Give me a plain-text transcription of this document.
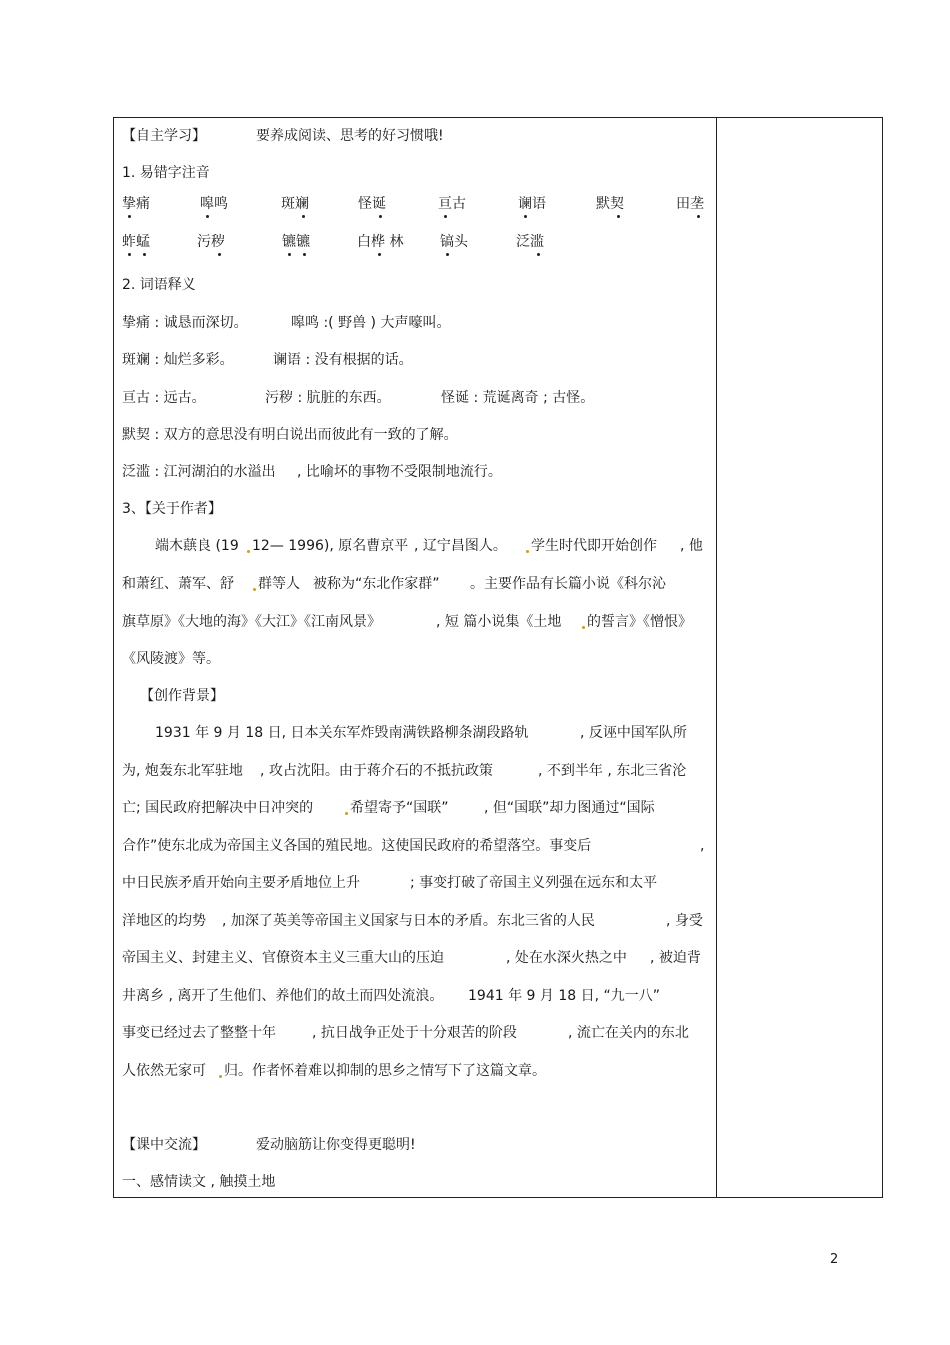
【自主学习】	要养成阅读、思考的好习惯哦!
1. 易错字注音
挚痛	嗥鸣	斑斓	怪诞	亘古	谰语	默契	田垄
蚱蜢	污秽	镳镳	白桦 林	镐头	泛滥
2. 词语释义
挚痛 : 诚恳而深切。	嗥鸣 :( 野兽 ) 大声嚎叫。
斑斓 : 灿烂多彩。	谰语 : 没有根据的话。
亘古 : 远古。	污秽 : 肮脏的东西。	怪诞 : 荒诞离奇 ; 古怪。
默契 : 双方的意思没有明白说出而彼此有一致的了解。
泛滥 : 江河湖泊的水溢出 , 比喻坏的事物不受限制地流行。
3、【关于作者】
端木蕻良 (19 12— 1996), 原名曹京平 , 辽宁昌图人。 学生时代即开始创作 , 他
和萧红、萧军、舒 群等人 被称为“东北作家群” 。主要作品有长篇小说《科尔沁
旗草原》《大地的海》《大江》《江南风景》	, 短 篇小说集《土地 的誓言》《憎恨》
《风陵渡》等。
【创作背景】
1931 年 9 月 18 日, 日本关东军炸毁南满铁路柳条湖段路轨	, 反诬中国军队所
为, 炮轰东北军驻地 , 攻占沈阳。由于蒋介石的不抵抗政策	, 不到半年 , 东北三省沦
亡; 国民政府把解决中日冲突的	希望寄予“国联”	, 但“国联”却力图通过“国际
合作”使东北成为帝国主义各国的殖民地。这使国民政府的希望落空。事变后	,
中日民族矛盾开始向主要矛盾地位上升	; 事变打破了帝国主义列强在远东和太平
洋地区的均势 , 加深了英美等帝国主义国家与日本的矛盾。东北三省的人民	, 身受
帝国主义、封建主义、官僚资本主义三重大山的压迫	, 处在水深火热之中 , 被迫背
井离乡 , 离开了生他们、养他们的故土而四处流浪。 1941 年 9 月 18 日, “九一八”
事变已经过去了整整十年	, 抗日战争正处于十分艰苦的阶段	, 流亡在关内的东北
人依然无家可 归。作者怀着难以抑制的思乡之情写下了这篇文章。
【课中交流】	爱动脑筋让你变得更聪明!
一、感情读文 , 触摸土地
2
